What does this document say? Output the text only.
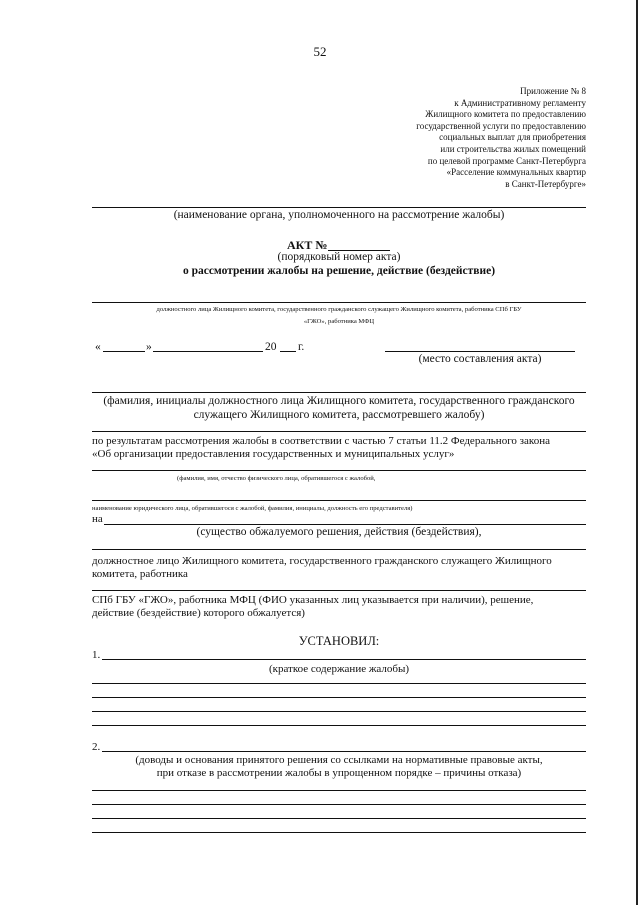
52
Приложение № 8
к Административному регламенту
Жилищного комитета по предоставлению
государственной услуги по предоставлению
социальных выплат для приобретения
или строительства жилых помещений
по целевой программе Санкт-Петербурга
«Расселение коммунальных квартир
в Санкт-Петербурге»
(наименование органа, уполномоченного на рассмотрение жалобы)
АКТ №
(порядковый номер акта)
о рассмотрении жалобы на решение, действие (бездействие)
должностного лица Жилищного комитета, государственного гражданского служащего Жилищного комитета, работника СПб ГБУ
«ГЖО», работника МФЦ
«	»	20 г.
(место составления акта)
(фамилия, инициалы должностного лица Жилищного комитета, государственного гражданского
служащего Жилищного комитета, рассмотревшего жалобу)
по результатам рассмотрения жалобы в соответствии с частью 7 статьи 11.2 Федерального закона
«Об организации предоставления государственных и муниципальных услуг»
(фамилия, имя, отчество физического лица, обратившегося с жалобой,
наименование юридического лица, обратившегося с жалобой, фамилия, инициалы, должность его представителя)
на
(существо обжалуемого решения, действия (бездействия),
должностное лицо Жилищного комитета, государственного гражданского служащего Жилищного
комитета, работника
СПб ГБУ «ГЖО», работника МФЦ (ФИО указанных лиц указывается при наличии), решение,
действие (бездействие) которого обжалуется)
УСТАНОВИЛ:
1.
(краткое содержание жалобы)
2.
(доводы и основания принятого решения со ссылками на нормативные правовые акты,
при отказе в рассмотрении жалобы в упрощенном порядке – причины отказа)
